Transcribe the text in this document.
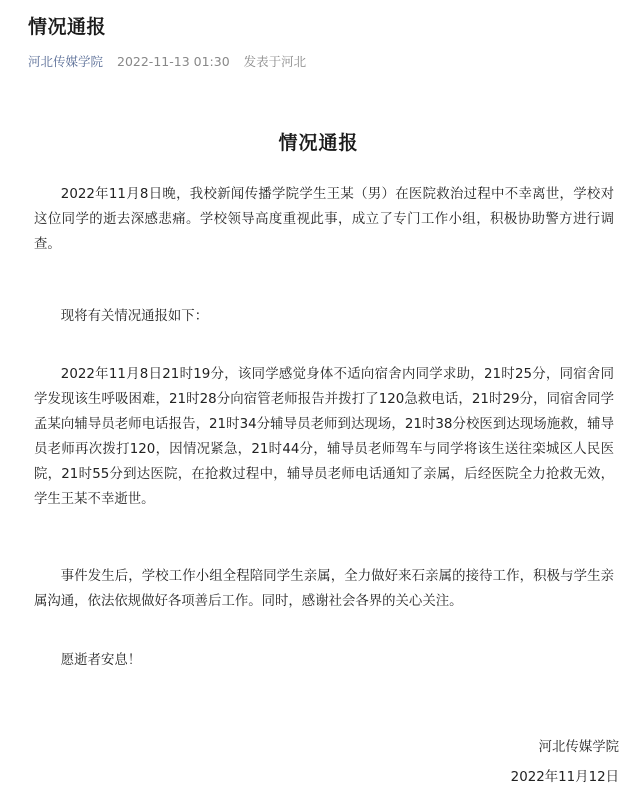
情况通报
河北传媒学院 2022-11-13 01:30 发表于河北
情况通报

2022年11月8日晚，我校新闻传播学院学生王某（男）在医院救治过程中不幸离世，学校对这位同学的逝去深感悲痛。学校领导高度重视此事，成立了专门工作小组，积极协助警方进行调查。

现将有关情况通报如下：

2022年11月8日21时19分，该同学感觉身体不适向宿舍内同学求助，21时25分，同宿舍同学发现该生呼吸困难，21时28分向宿管老师报告并拨打了120急救电话，21时29分，同宿舍同学孟某向辅导员老师电话报告，21时34分辅导员老师到达现场，21时38分校医到达现场施救，辅导员老师再次拨打120，因情况紧急，21时44分，辅导员老师驾车与同学将该生送往栾城区人民医院，21时55分到达医院，在抢救过程中，辅导员老师电话通知了亲属，后经医院全力抢救无效，学生王某不幸逝世。

事件发生后，学校工作小组全程陪同学生亲属，全力做好来石亲属的接待工作，积极与学生亲属沟通，依法依规做好各项善后工作。同时，感谢社会各界的关心关注。

愿逝者安息！

河北传媒学院
2022年11月12日
